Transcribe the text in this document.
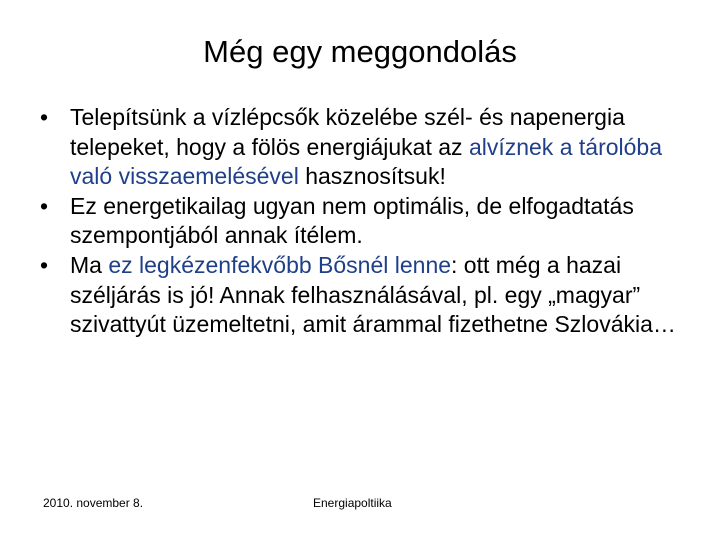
Még egy meggondolás
• Telepítsünk a vízlépcsők közelébe szél- és napenergia telepeket, hogy a fölös energiájukat az alvíznek a tárolóba való visszaemelésével hasznosítsuk!
• Ez energetikailag ugyan nem optimális, de elfogadtatás szempontjából annak ítélem.
• Ma ez legkézenfekvőbb Bősnél lenne: ott még a hazai széljárás is jó! Annak felhasználásával, pl. egy „magyar” szivattyút üzemeltetni, amit árammal fizethetne Szlovákia…
2010. november 8.	Energiapoltiika
